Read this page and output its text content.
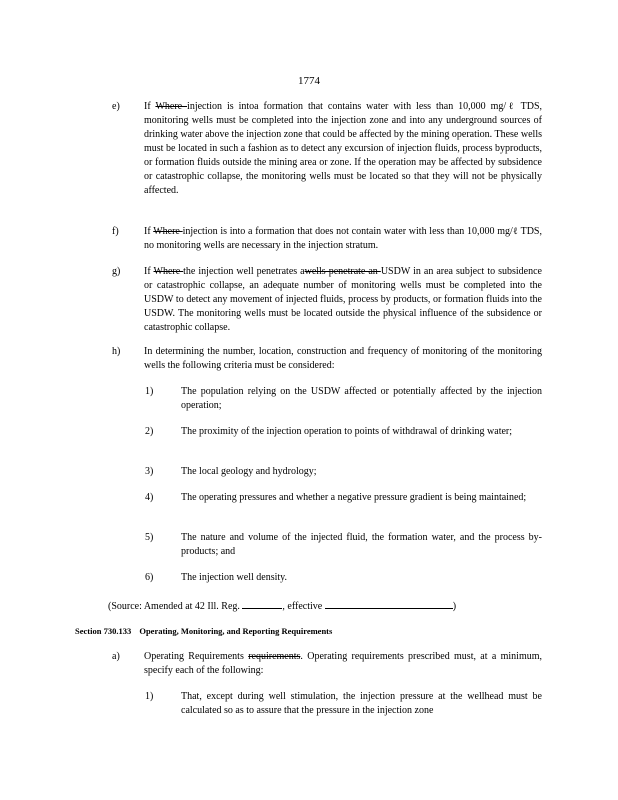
1774
e) If Where injection is intoa formation that contains water with less than 10,000 mg/ℓ TDS, monitoring wells must be completed into the injection zone and into any underground sources of drinking water above the injection zone that could be affected by the mining operation. These wells must be located in such a fashion as to detect any excursion of injection fluids, process byproducts, or formation fluids outside the mining area or zone. If the operation may be affected by subsidence or catastrophic collapse, the monitoring wells must be located so that they will not be physically affected.
f)	If Where injection is into a formation that does not contain water with less than 10,000 mg/ℓ TDS, no monitoring wells are necessary in the injection stratum.
g) If Where the injection well penetrates awells penetrate an USDW in an area subject to subsidence or catastrophic collapse, an adequate number of monitoring wells must be completed into the USDW to detect any movement of injected fluids, process by products, or formation fluids into the USDW. The monitoring wells must be located outside the physical influence of the subsidence or catastrophic collapse.
h) In determining the number, location, construction and frequency of monitoring of the monitoring wells the following criteria must be considered:
1)	The population relying on the USDW affected or potentially affected by the injection operation;
2)	The proximity of the injection operation to points of withdrawal of drinking water;
3)	The local geology and hydrology;
4)	The operating pressures and whether a negative pressure gradient is being maintained;
5)	The nature and volume of the injected fluid, the formation water, and the process by-products; and
6)	The injection well density.
(Source: Amended at 42 Ill. Reg.	, effective	)
Section 730.133 Operating, Monitoring, and Reporting Requirements
a) Operating Requirements requirements. Operating requirements prescribed must, at a minimum, specify each of the following:
1)	That, except during well stimulation, the injection pressure at the wellhead must be calculated so as to assure that the pressure in the injection zone
